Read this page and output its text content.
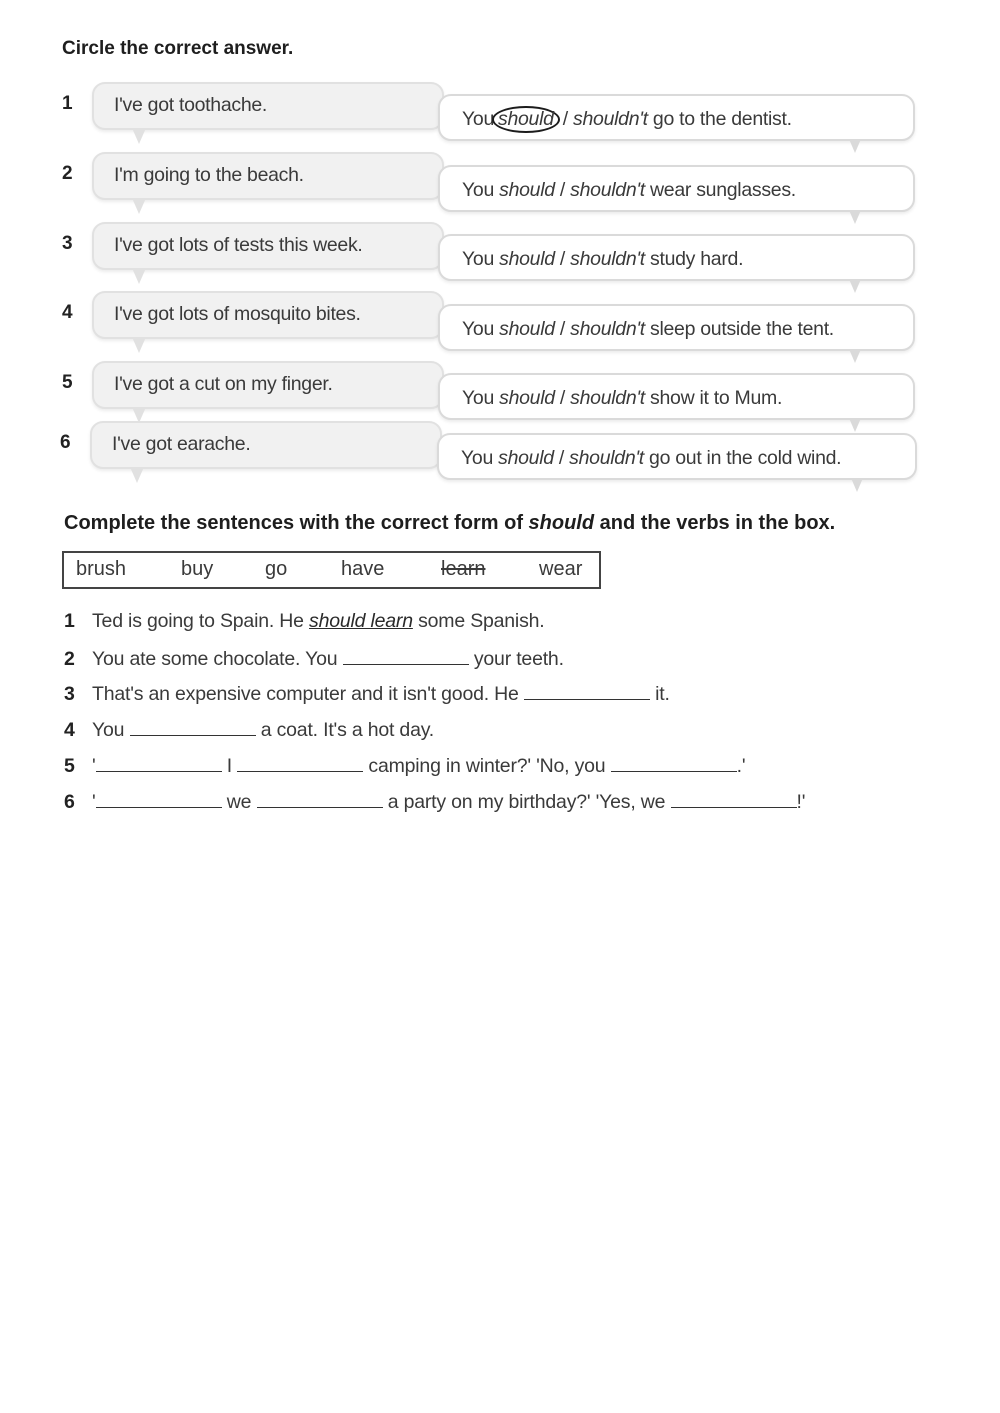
Circle the correct answer.
1	I've got toothache.
You should / shouldn't go to the dentist.
2	I'm going to the beach.
You should / shouldn't wear sunglasses.
3	I've got lots of tests this week.
You should / shouldn't study hard.
4	I've got lots of mosquito bites.
You should / shouldn't sleep outside the tent.
5	I've got a cut on my finger.
You should / shouldn't show it to Mum.
6	I've got earache.
You should / shouldn't go out in the cold wind.
Complete the sentences with the correct form of should and the verbs in the box.
brush	buy	go	have	learn	wear
1 Ted is going to Spain. He should learn some Spanish.
2 You ate some chocolate. You	your teeth.
3 That's an expensive computer and it isn't good. He	it.
4 You	a coat. It's a hot day.
5 '	I	camping in winter?' 'No, you	.'
6 '	we	a party on my birthday?' 'Yes, we	!'
